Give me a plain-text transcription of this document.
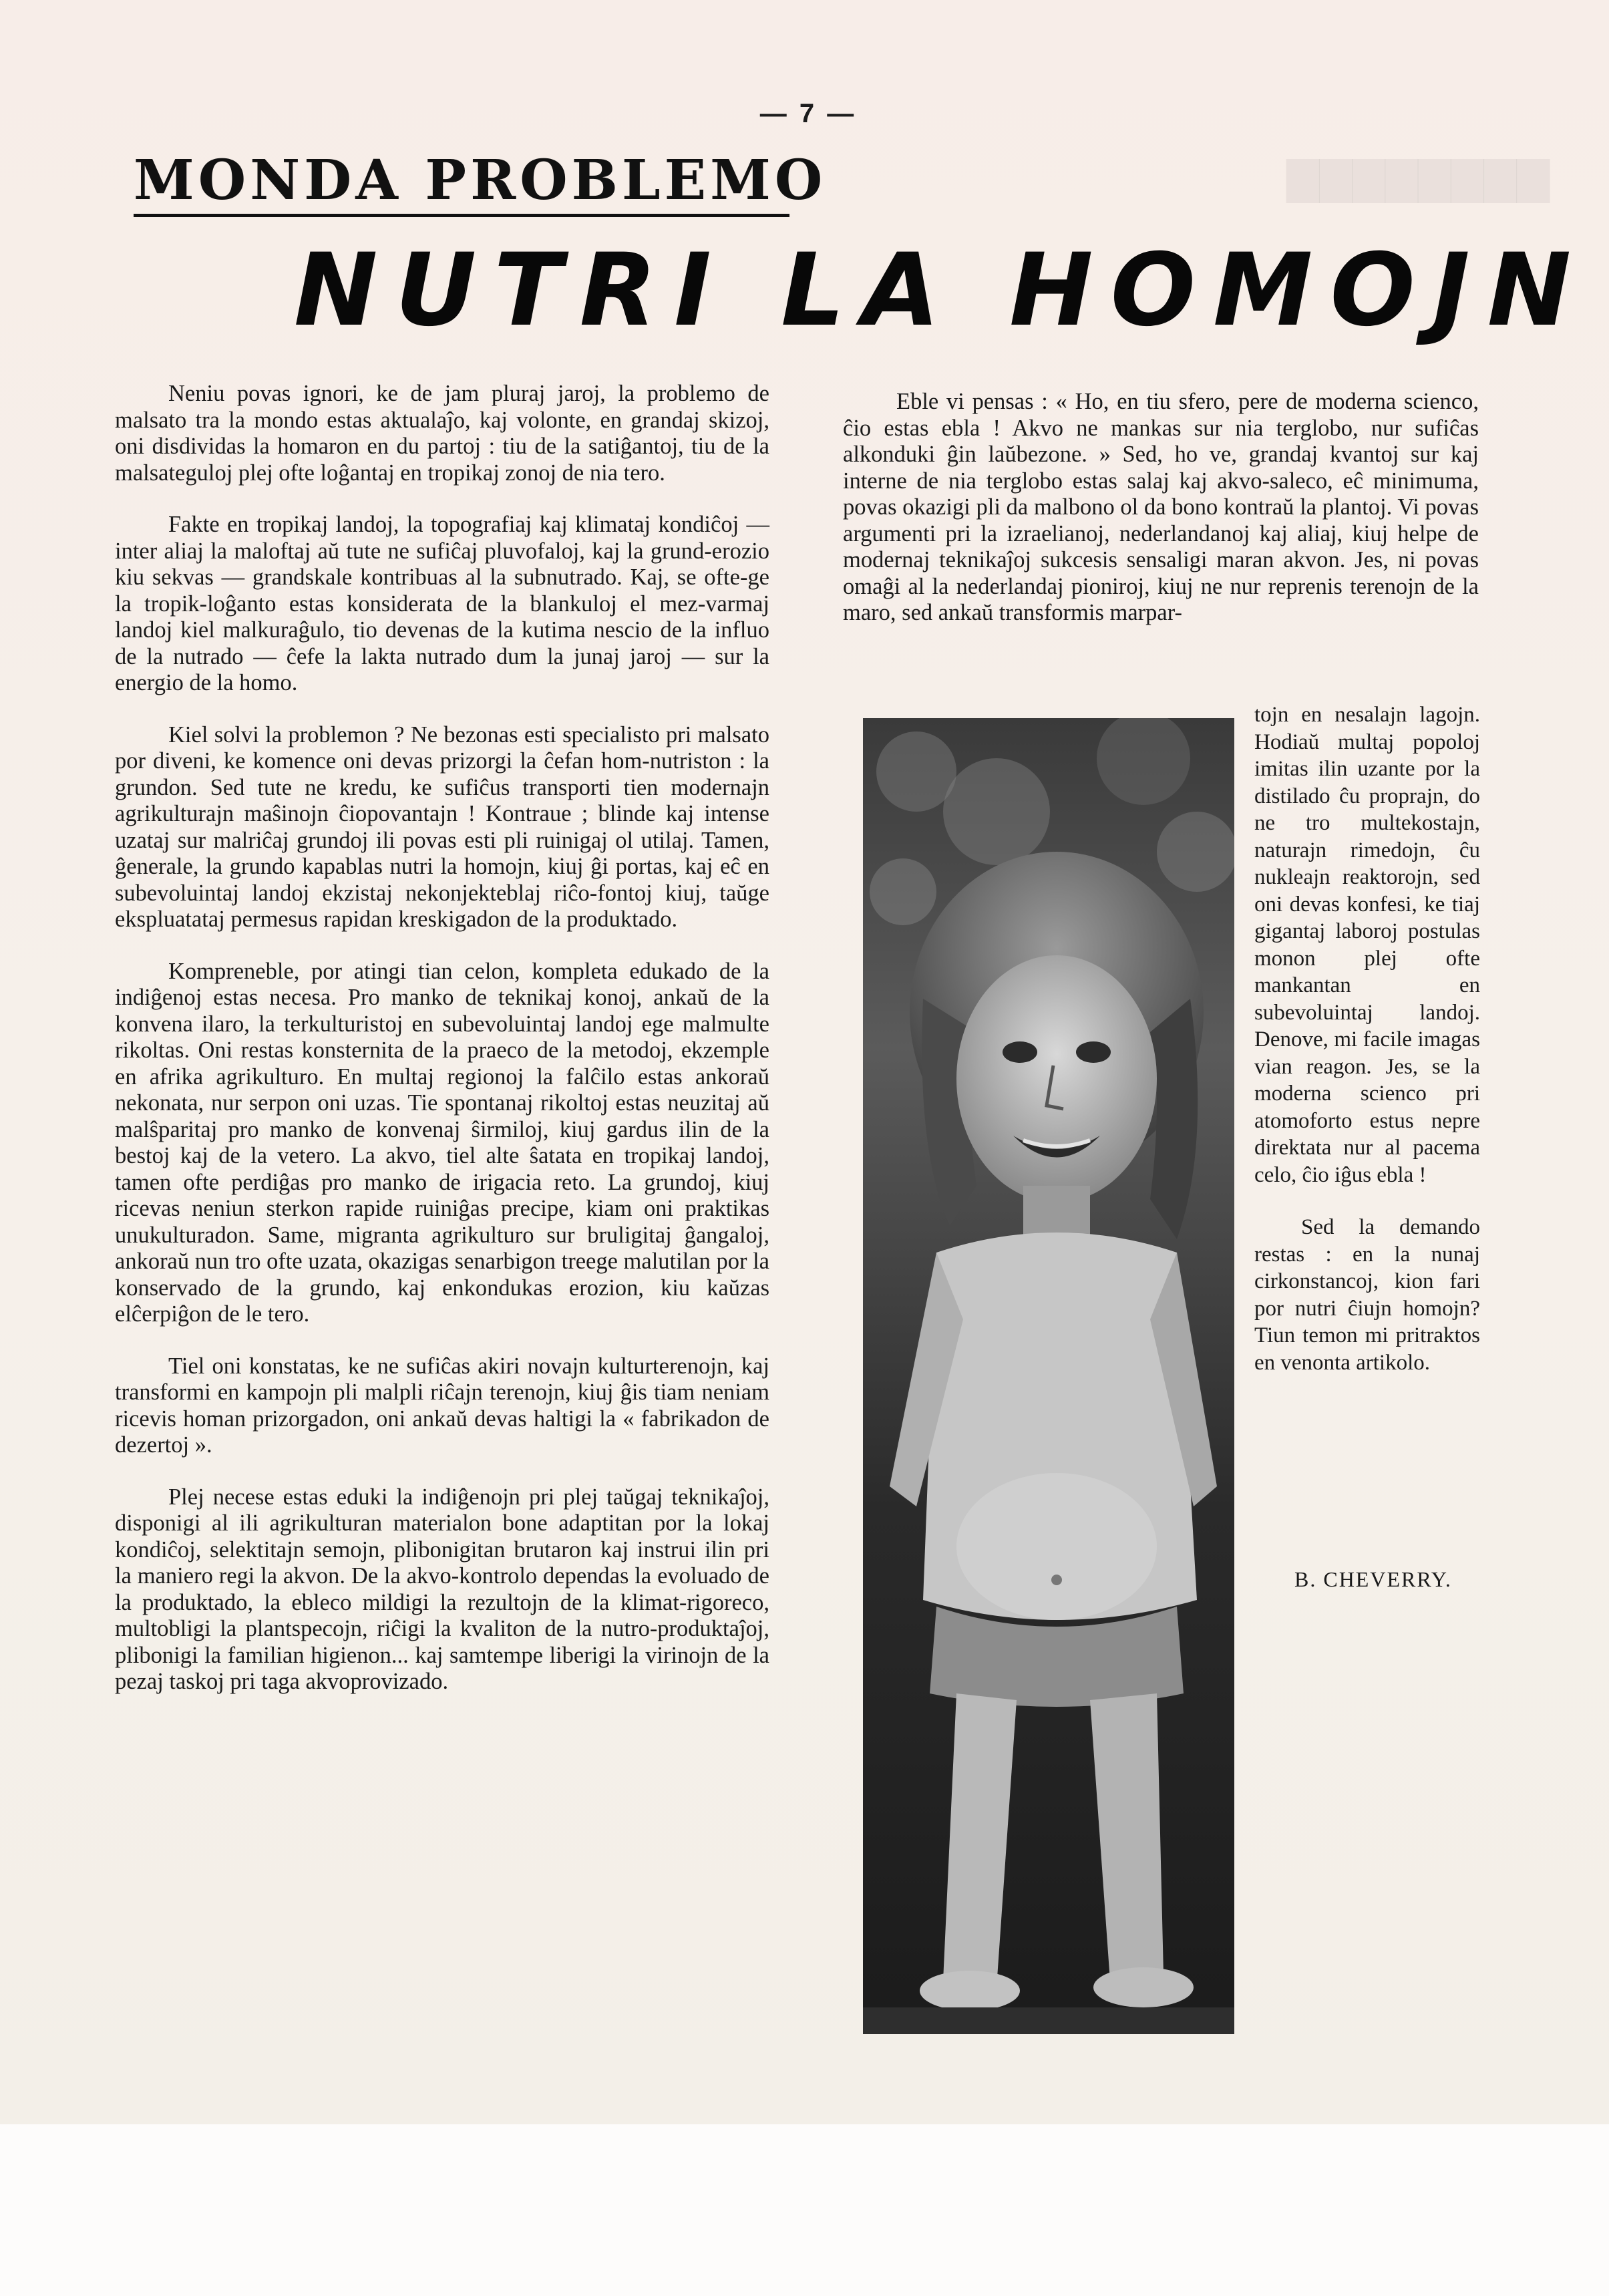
▇▇▇▇▇▇▇▇
— 7 —
MONDA PROBLEMO
NUTRI LA HOMOJN

Neniu povas ignori, ke de jam pluraj jaroj, la problemo de malsato tra la mondo estas aktualaĵo, kaj volonte, en grandaj skizoj, oni disdividas la homaron en du partoj : tiu de la satiĝantoj, tiu de la malsateguloj plej ofte loĝantaj en tropikaj zonoj de nia tero.

Fakte en tropikaj landoj, la topografiaj kaj klimataj kondiĉoj — inter aliaj la maloftaj aŭ tute ne sufiĉaj pluvofaloj, kaj la grund-erozio kiu sekvas — grandskale kontribuas al la subnutrado. Kaj, se ofte-ge la tropik-loĝanto estas konsiderata de la blankuloj el mez-varmaj landoj kiel malkuraĝulo, tio devenas de la kutima nescio de la influo de la nutrado — ĉefe la lakta nutrado dum la junaj jaroj — sur la energio de la homo.

Kiel solvi la problemon ? Ne bezonas esti specialisto pri malsato por diveni, ke komence oni devas prizorgi la ĉefan hom-nutriston : la grundon. Sed tute ne kredu, ke sufiĉus transporti tien modernajn agrikulturajn maŝinojn ĉiopovantajn ! Kontraue ; blinde kaj intense uzataj sur malriĉaj grundoj ili povas esti pli ruinigaj ol utilaj. Tamen, ĝenerale, la grundo kapablas nutri la homojn, kiuj ĝi portas, kaj eĉ en subevoluintaj landoj ekzistaj nekonjekteblaj riĉo-fontoj kiuj, taŭge ekspluatataj permesus rapidan kreskigadon de la produktado.

Kompreneble, por atingi tian celon, kompleta edukado de la indiĝenoj estas necesa. Pro manko de teknikaj konoj, ankaŭ de la konvena ilaro, la terkulturistoj en subevoluintaj landoj ege malmulte rikoltas. Oni restas konsternita de la praeco de la metodoj, ekzemple en afrika agrikulturo. En multaj regionoj la falĉilo estas ankoraŭ nekonata, nur serpon oni uzas. Tie spontanaj rikoltoj estas neuzitaj aŭ malŝparitaj pro manko de konvenaj ŝirmiloj, kiuj gardus ilin de la bestoj kaj de la vetero. La akvo, tiel alte ŝatata en tropikaj landoj, tamen ofte perdiĝas pro manko de irigacia reto. La grundoj, kiuj ricevas neniun sterkon rapide ruiniĝas precipe, kiam oni praktikas unukulturadon. Same, migranta agrikulturo sur bruligitaj ĝangaloj, ankoraŭ nun tro ofte uzata, okazigas senarbigon treege malutilan por la konservado de la grundo, kaj enkondukas erozion, kiu kaŭzas elĉerpiĝon de le tero.

Tiel oni konstatas, ke ne sufiĉas akiri novajn kulturterenojn, kaj transformi en kampojn pli malpli riĉajn terenojn, kiuj ĝis tiam neniam ricevis homan prizorgadon, oni ankaŭ devas haltigi la « fabrikadon de dezertoj ».

Plej necese estas eduki la indiĝenojn pri plej taŭgaj teknikaĵoj, disponigi al ili agrikulturan materialon bone adaptitan por la lokaj kondiĉoj, selektitajn semojn, plibonigitan brutaron kaj instrui ilin pri la maniero regi la akvon. De la akvo-kontrolo dependas la evoluado de la produktado, la ebleco mildigi la rezultojn de la klimat-rigoreco, multobligi la plantspecojn, riĉigi la kvaliton de la nutro-produktaĵoj, plibonigi la familian higienon... kaj samtempe liberigi la virinojn de la pezaj taskoj pri taga akvoprovizado.

Eble vi pensas : « Ho, en tiu sfero, pere de moderna scienco, ĉio estas ebla ! Akvo ne mankas sur nia terglobo, nur sufiĉas alkonduki ĝin laŭbezone. » Sed, ho ve, grandaj kvantoj sur kaj interne de nia terglobo estas salaj kaj akvo-saleco, eĉ minimuma, povas okazigi pli da malbono ol da bono kontraŭ la plantoj. Vi povas argumenti pri la izraelianoj, nederlandanoj kaj aliaj, kiuj helpe de modernaj teknikaĵoj sukcesis sensaligi maran akvon. Jes, ni povas omaĝi al la nederlandaj pioniroj, kiuj ne nur reprenis terenojn de la maro, sed ankaŭ transformis marpar-

tojn en nesalajn lagojn. Hodiaŭ multaj popoloj imitas ilin uzante por la distilado ĉu proprajn, do ne tro multekostajn, naturajn rimedojn, ĉu nukleajn reaktorojn, sed oni devas konfesi, ke tiaj gigantaj laboroj postulas monon plej ofte mankantan en subevoluintaj landoj. Denove, mi facile imagas vian reagon. Jes, se la moderna scienco pri atomoforto estus nepre direktata nur al pacema celo, ĉio iĝus ebla !

Sed la demando restas : en la nunaj cirkonstancoj, kion fari por nutri ĉiujn homojn? Tiun temon mi pritraktos en venonta artikolo.

B. CHEVERRY.
